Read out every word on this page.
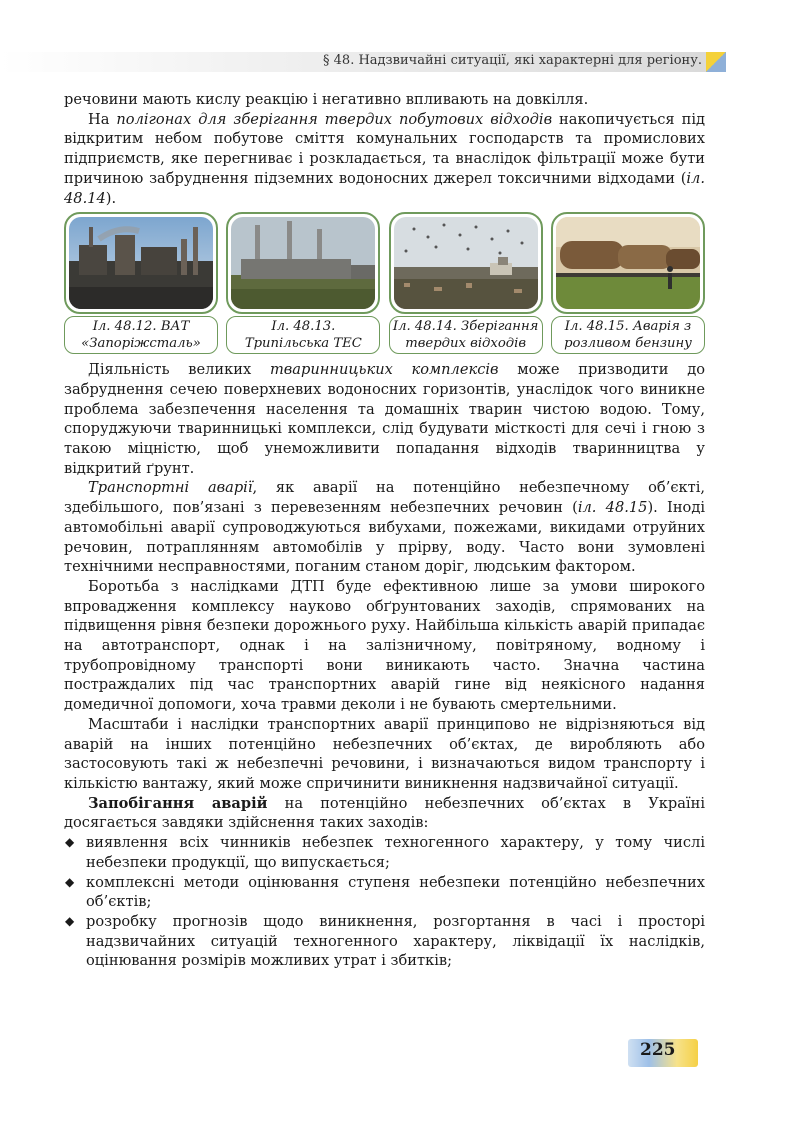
§ 48. Надзвичайні ситуації, які характерні для регіону.

речовини мають кислу реакцію і негативно впливають на довкілля.

На полігонах для зберігання твердих побутових відходів накопичується під відкритим небом побутове сміття комунальних господарств та промислових підприємств, яке перегниває і розкладається, та внаслідок фільтрації може бути причиною забруднення підземних водоносних джерел токсичними відходами (іл. 48.14).

Іл. 48.12. ВАТ «Запоріжсталь»
Іл. 48.13. Трипільська ТЕС
Іл. 48.14. Зберігання твердих відходів
Іл. 48.15. Аварія з розливом бензину

Діяльність великих тваринницьких комплексів може призводити до забруднення сечею поверхневих водоносних горизонтів, унаслідок чого виникне проблема забезпечення населення та домашніх тварин чистою водою. Тому, споруджуючи тваринницькі комплекси, слід будувати місткості для сечі і гною з такою міцністю, щоб унеможливити попадання відходів тваринництва у відкритий ґрунт.

Транспортні аварії, як аварії на потенційно небезпечному об’єкті, здебільшого, пов’язані з перевезенням небезпечних речовин (іл. 48.15). Іноді автомобільні аварії супроводжуються вибухами, пожежами, викидами отруйних речовин, потраплянням автомобілів у прірву, воду. Часто вони зумовлені технічними несправностями, поганим станом доріг, людським фактором.

Боротьба з наслідками ДТП буде ефективною лише за умови широкого впровадження комплексу науково обґрунтованих заходів, спрямованих на підвищення рівня безпеки дорожнього руху. Найбільша кількість аварій припадає на автотранспорт, однак і на залізничному, повітряному, водному і трубопровідному транспорті вони виникають часто. Значна частина постраждалих під час транспортних аварій гине від неякісного надання домедичної допомоги, хоча травми деколи і не бувають смертельними.

Масштаби і наслідки транспортних аварії принципово не відрізняються від аварій на інших потенційно небезпечних об’єктах, де виробляють або застосовують такі ж небезпечні речовини, і визначаються видом транспорту і кількістю вантажу, який може спричинити виникнення надзвичайної ситуації.

Запобігання аварій на потенційно небезпечних об’єктах в Україні досягається завдяки здійснення таких заходів:

◆ виявлення всіх чинників небезпек техногенного характеру, у тому числі небезпеки продукції, що випускається;
◆ комплексні методи оцінювання ступеня небезпеки потенційно небезпечних об’єктів;
◆ розробку прогнозів щодо виникнення, розгортання в часі і просторі надзвичайних ситуацій техногенного характеру, ліквідації їх наслідків, оцінювання розмірів можливих утрат і збитків;
225
